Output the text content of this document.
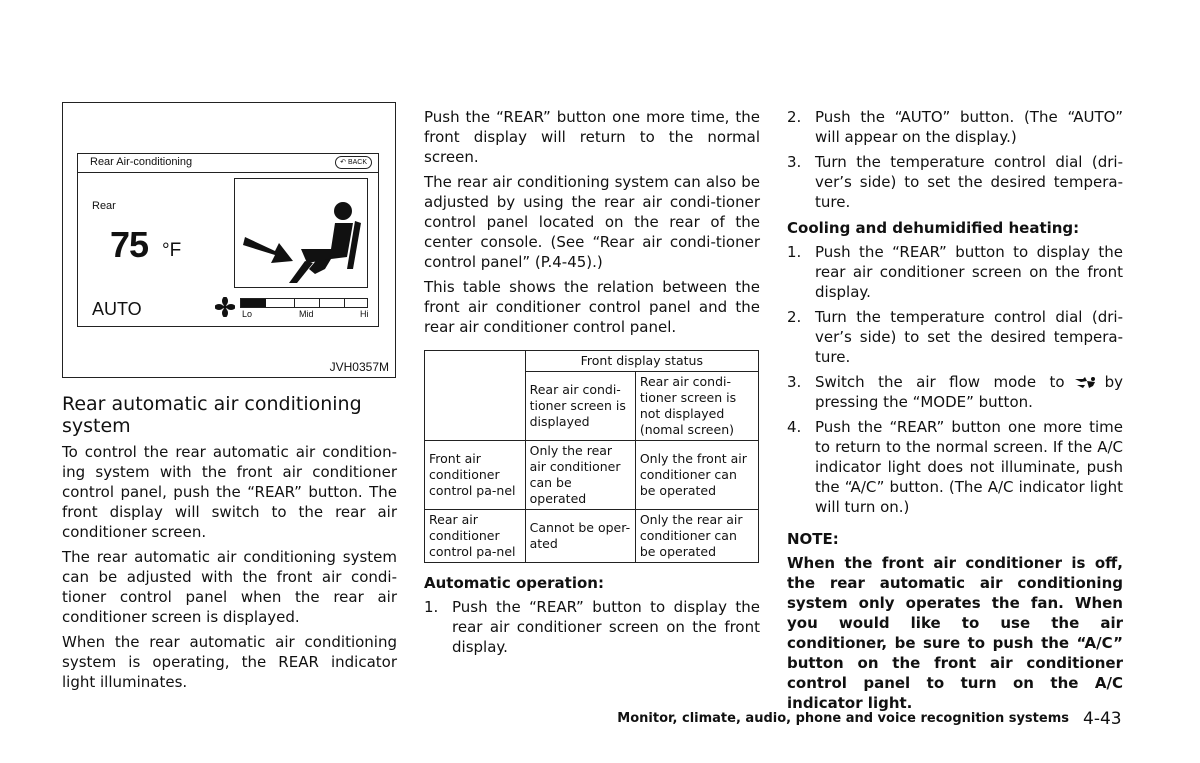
Rear Air-conditioning	↶ BACK
Rear
75 °F
AUTO	Lo	Mid	Hi
JVH0357M
Rear automatic air conditioning system

To control the rear automatic air condition-ing system with the front air conditioner control panel, push the “REAR” button. The front display will switch to the rear air conditioner screen.

The rear automatic air conditioning system can be adjusted with the front air condi-tioner control panel when the rear air conditioner screen is displayed.

When the rear automatic air conditioning system is operating, the REAR indicator light illuminates.

Push the “REAR” button one more time, the front display will return to the normal screen.

The rear air conditioning system can also be adjusted by using the rear air condi-tioner control panel located on the rear of the center console. (See “Rear air condi-tioner control panel” (P.4-45).)

This table shows the relation between the front air conditioner control panel and the rear air conditioner control panel.

	Front display status	
	Rear air condi-tioner screen is displayed	Rear air condi-tioner screen is not displayed (nomal screen)
Front air conditioner control pa-nel	Only the rear air conditioner can be operated	Only the front air conditioner can be operated
Rear air conditioner control pa-nel	Cannot be oper-ated	Only the rear air conditioner can be operated
Automatic operation:
1. Push the “REAR” button to display the rear air conditioner screen on the front display.
2. Push the “AUTO” button. (The “AUTO” will appear on the display.)
3. Turn the temperature control dial (dri-ver’s side) to set the desired tempera-ture.
Cooling and dehumidified heating:
1. Push the “REAR” button to display the rear air conditioner screen on the front display.
2. Turn the temperature control dial (dri-ver’s side) to set the desired tempera-ture.
3. Switch the air flow mode to	by pressing the “MODE” button.
4. Push the “REAR” button one more time to return to the normal screen. If the A/C indicator light does not illuminate, push the “A/C” button. (The A/C indicator light will turn on.)
NOTE:
When the front air conditioner is off, the rear automatic air conditioning system only operates the fan. When you would like to use the air conditioner, be sure to push the “A/C” button on the front air conditioner control panel to turn on the A/C indicator light.
Monitor, climate, audio, phone and voice recognition systems 4-43
